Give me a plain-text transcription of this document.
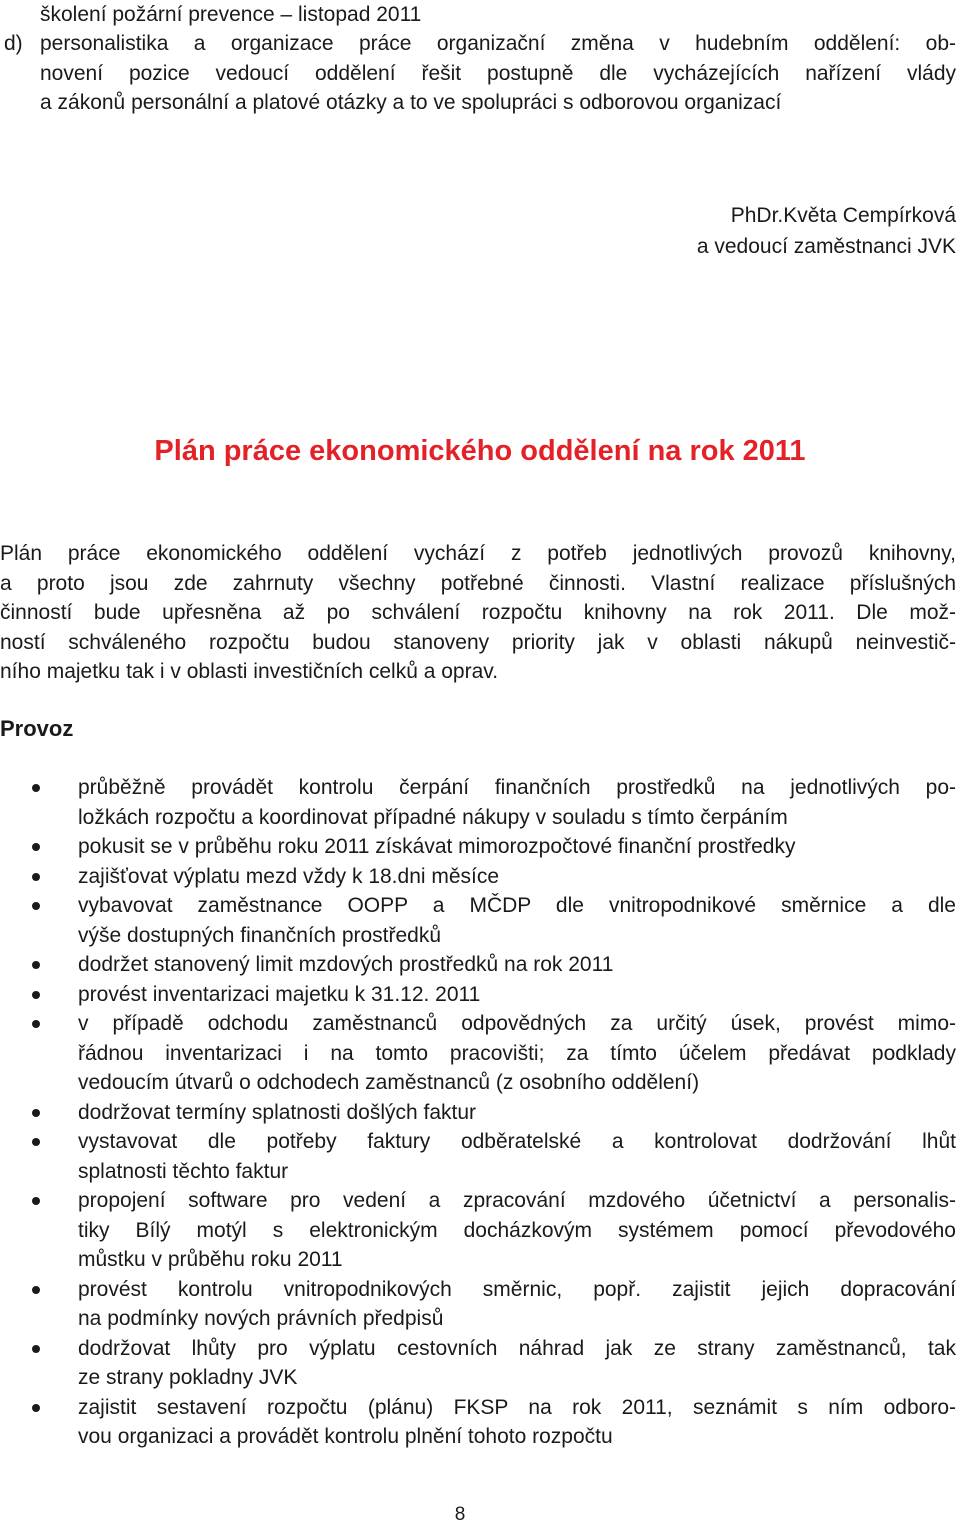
školení požární prevence – listopad 2011
d) personalistika a organizace práce organizační změna v hudebním oddělení: ob-
novení pozice vedoucí oddělení řešit postupně dle vycházejících nařízení vlády
a zákonů personální a platové otázky a to ve spolupráci s odborovou organizací
PhDr.Květa Cempírková
a vedoucí zaměstnanci JVK
Plán práce ekonomického oddělení na rok 2011
Plán práce ekonomického oddělení vychází z potřeb jednotlivých provozů knihovny,
a proto jsou zde zahrnuty všechny potřebné činnosti. Vlastní realizace příslušných
činností bude upřesněna až po schválení rozpočtu knihovny na rok 2011. Dle mož-
ností schváleného rozpočtu budou stanoveny priority jak v oblasti nákupů neinvestič-
ního majetku tak i v oblasti investičních celků a oprav.
Provoz
průběžně provádět kontrolu čerpání finančních prostředků na jednotlivých po-
ložkách rozpočtu a koordinovat případné nákupy v souladu s tímto čerpáním
pokusit se v průběhu roku 2011 získávat mimorozpočtové finanční prostředky
zajišťovat výplatu mezd vždy k 18.dni měsíce
vybavovat zaměstnance OOPP a MČDP dle vnitropodnikové směrnice a dle
výše dostupných finančních prostředků
dodržet stanovený limit mzdových prostředků na rok 2011
provést inventarizaci majetku k 31.12. 2011
v případě odchodu zaměstnanců odpovědných za určitý úsek, provést mimo-
řádnou inventarizaci i na tomto pracovišti; za tímto účelem předávat podklady
vedoucím útvarů o odchodech zaměstnanců (z osobního oddělení)
dodržovat termíny splatnosti došlých faktur
vystavovat dle potřeby faktury odběratelské a kontrolovat dodržování lhůt
splatnosti těchto faktur
propojení software pro vedení a zpracování mzdového účetnictví a personalis-
tiky Bílý motýl s elektronickým docházkovým systémem pomocí převodového
můstku v průběhu roku 2011
provést kontrolu vnitropodnikových směrnic, popř. zajistit jejich dopracování
na podmínky nových právních předpisů
dodržovat lhůty pro výplatu cestovních náhrad jak ze strany zaměstnanců, tak
ze strany pokladny JVK
zajistit sestavení rozpočtu (plánu) FKSP na rok 2011, seznámit s ním odboro-
vou organizaci a provádět kontrolu plnění tohoto rozpočtu
8
